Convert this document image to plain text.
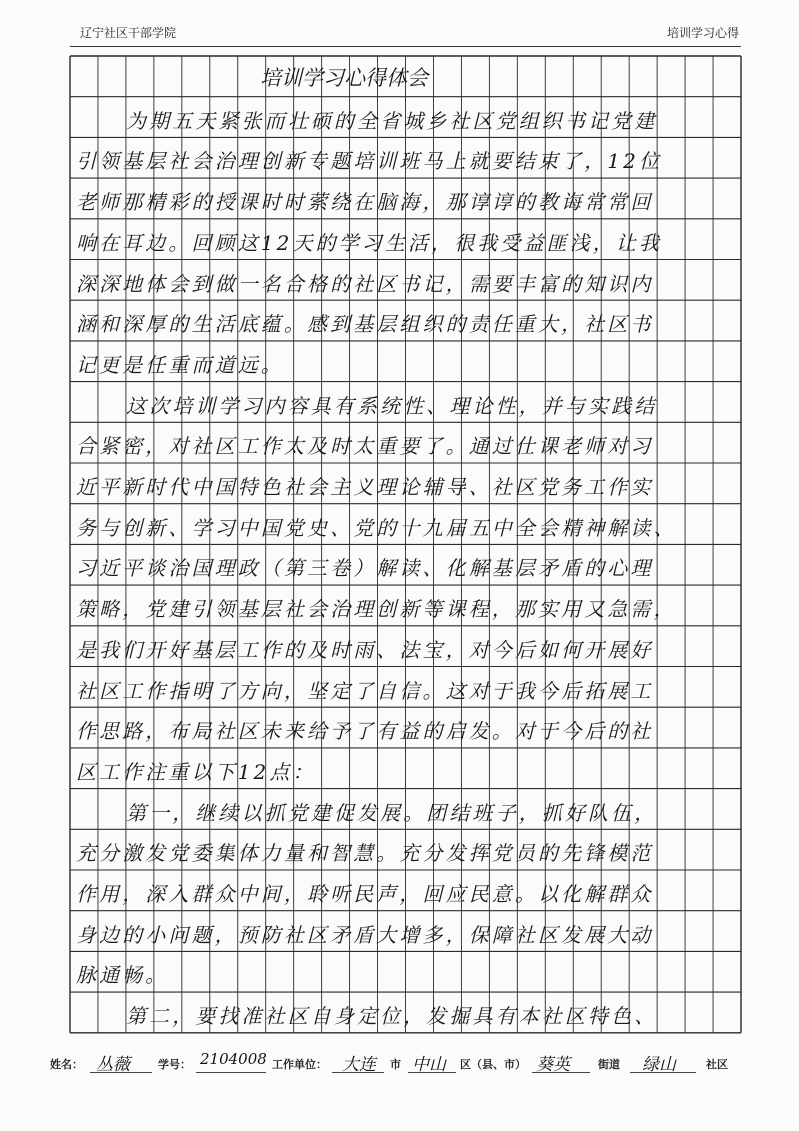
辽宁社区干部学院	培训学习心得
培训学习心得体会
为期五天紧张而壮硕的全省城乡社区党组织书记党建
引领基层社会治理创新专题培训班马上就要结束了，12位
老师那精彩的授课时时萦绕在脑海，那谆谆的教诲常常回
响在耳边。回顾这12天的学习生活，很我受益匪浅，让我
深深地体会到做一名合格的社区书记，需要丰富的知识内
涵和深厚的生活底蕴。感到基层组织的责任重大，社区书
记更是任重而道远。
这次培训学习内容具有系统性、理论性，并与实践结
合紧密，对社区工作太及时太重要了。通过仕课老师对习
近平新时代中国特色社会主义理论辅导、社区党务工作实
务与创新、学习中国党史、党的十九届五中全会精神解读、
习近平谈治国理政（第三卷）解读、化解基层矛盾的心理
策略，党建引领基层社会治理创新等课程，那实用又急需，
是我们开好基层工作的及时雨、法宝，对今后如何开展好
社区工作指明了方向，坚定了自信。这对于我今后拓展工
作思路，布局社区未来给予了有益的启发。对于今后的社
区工作注重以下12点：
第一，继续以抓党建促发展。团结班子，抓好队伍，
充分激发党委集体力量和智慧。充分发挥党员的先锋模范
作用，深入群众中间，聆听民声，回应民意。以化解群众
身边的小问题，预防社区矛盾大增多，保障社区发展大动
脉通畅。
第二，要找准社区自身定位，发掘具有本社区特色、
姓名： 丛薇	学号： 2104008 工作单位： 大连 市 中山 区（县、市） 葵英	街道 绿山	社区
